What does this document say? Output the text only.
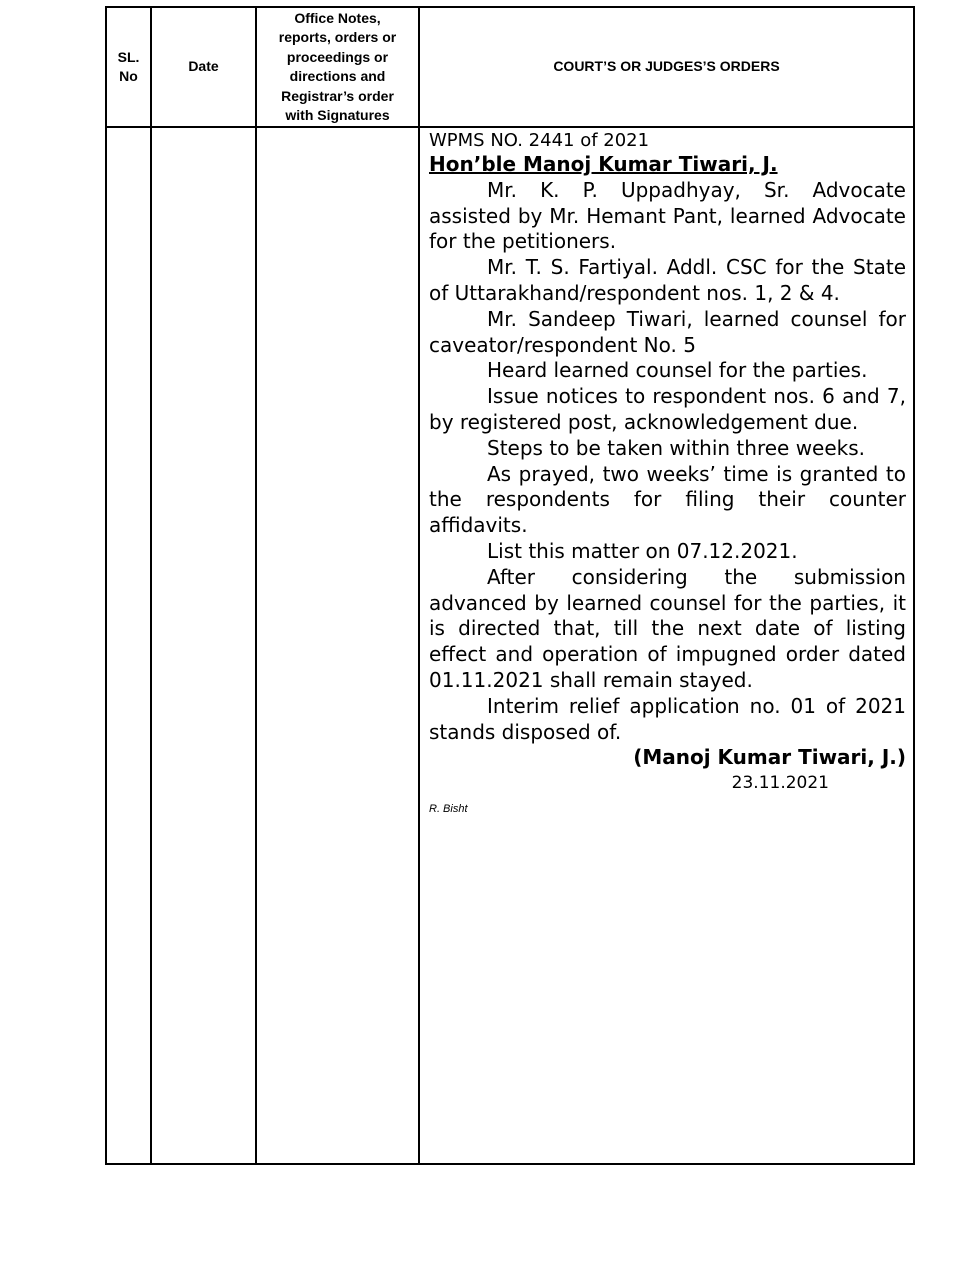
SL. No
Date
Office Notes, reports, orders or proceedings or directions and Registrar’s order with Signatures
COURT’S OR JUDGES’S ORDERS

WPMS NO. 2441 of 2021

Hon’ble Manoj Kumar Tiwari, J.

Mr. K. P. Uppadhyay, Sr. Advocate assisted by Mr. Hemant Pant, learned Advocate for the petitioners.

Mr. T. S. Fartiyal. Addl. CSC for the State of Uttarakhand/respondent nos. 1, 2 & 4.

Mr. Sandeep Tiwari, learned counsel for caveator/respondent No. 5

Heard learned counsel for the parties.

Issue notices to respondent nos. 6 and 7, by registered post, acknowledgement due.

Steps to be taken within three weeks.

As prayed, two weeks’ time is granted to the respondents for filing their counter affidavits.

List this matter on 07.12.2021.

After considering the submission advanced by learned counsel for the parties, it is directed that, till the next date of listing effect and operation of impugned order dated 01.11.2021 shall remain stayed.

Interim relief application no. 01 of 2021 stands disposed of.

(Manoj Kumar Tiwari, J.)

23.11.2021

R. Bisht
